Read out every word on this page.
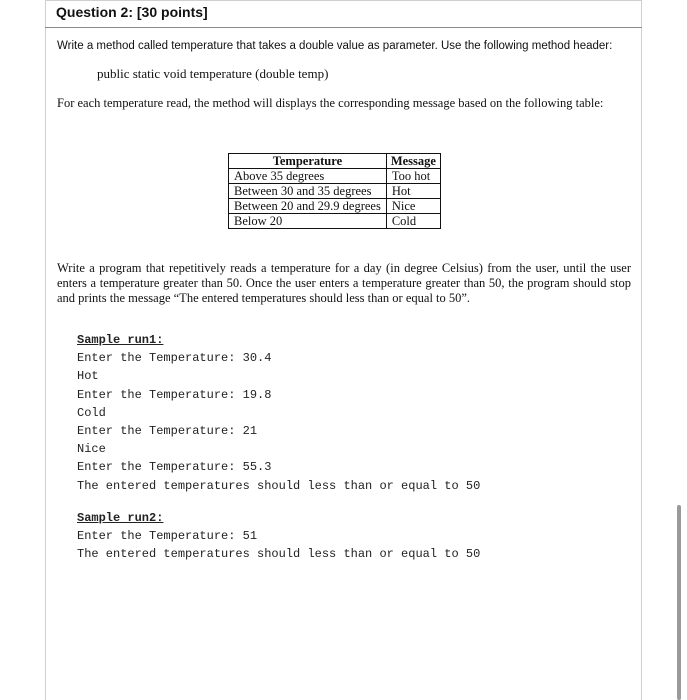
Question 2: [30 points]
Write a method called temperature that takes a double value as parameter. Use the following method header:
public static void temperature (double temp)
For each temperature read, the method will displays the corresponding message based on the following table:
Temperature	Message
Above 35 degrees	Too hot
Between 30 and 35 degrees	Hot
Between 20 and 29.9 degrees	Nice
Below 20	Cold
Write a program that repetitively reads a temperature for a day (in degree Celsius) from the user, until the user enters a temperature greater than 50. Once the user enters a temperature greater than 50, the program should stop and prints the message “The entered temperatures should less than or equal to 50”.
Sample run1:
Enter the Temperature: 30.4
Hot
Enter the Temperature: 19.8
Cold
Enter the Temperature: 21
Nice
Enter the Temperature: 55.3
The entered temperatures should less than or equal to 50
Sample run2:
Enter the Temperature: 51
The entered temperatures should less than or equal to 50
